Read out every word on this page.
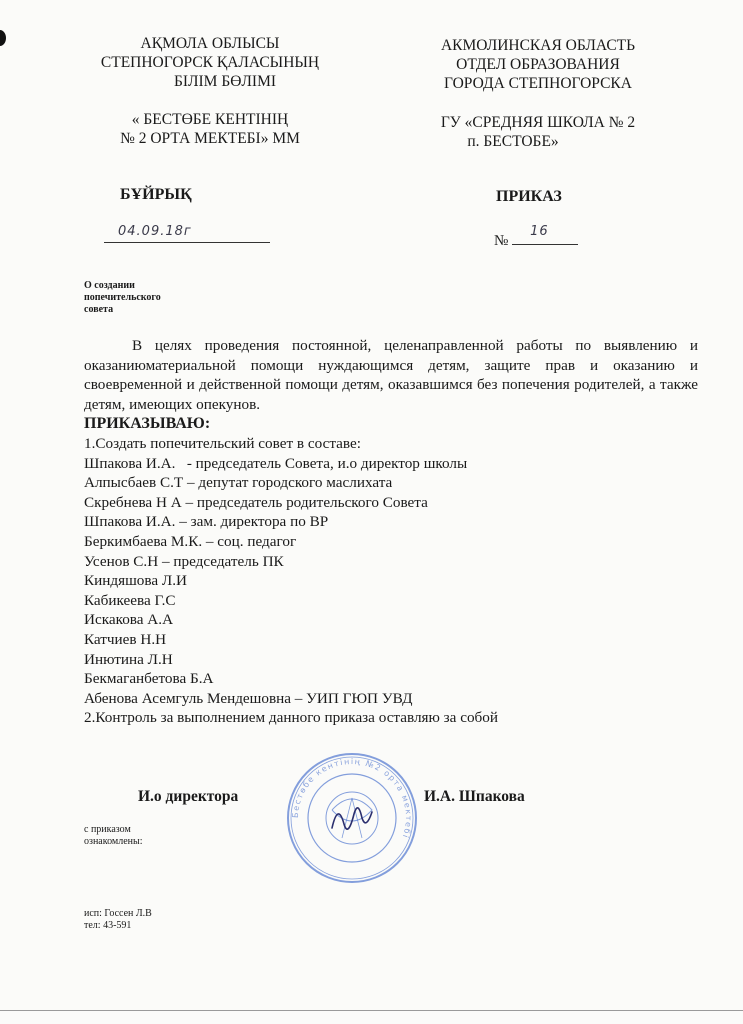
АҚМОЛА ОБЛЫСЫ
СТЕПНОГОРСК ҚАЛАСЫНЫҢ
БІЛІМ БӨЛІМІ
« БЕСТӨБЕ КЕНТІНІҢ
№ 2 ОРТА МЕКТЕБІ» ММ
АКМОЛИНСКАЯ ОБЛАСТЬ
ОТДЕЛ ОБРАЗОВАНИЯ
ГОРОДА СТЕПНОГОРСКА
ГУ «СРЕДНЯЯ ШКОЛА № 2
п. БЕСТОБЕ»
БҰЙРЫҚ	ПРИКАЗ
04.09.18г
№
16
О создании
попечительского
совета
В целях проведения постоянной, целенаправленной работы по выявлению и оказаниюматериальной помощи нуждающимся детям, защите прав и оказанию и своевременной и действенной помощи детям, оказавшимся без попечения родителей, а также детям, имеющих опекунов.
ПРИКАЗЫВАЮ:
1.Создать попечительский совет в составе:
Шпакова И.А.   - председатель Совета, и.о директор школы
Алпысбаев С.Т – депутат городского маслихата
Скребнева Н А – председатель родительского Совета
Шпакова И.А. – зам. директора по ВР
Беркимбаева М.К. – соц. педагог
Усенов С.Н – председатель ПК
Киндяшова Л.И
Кабикеева Г.С
Искакова А.А
Катчиев Н.Н
Инютина Л.Н
Бекмаганбетова Б.А
Абенова Асемгуль Мендешовна – УИП ГЮП УВД
2.Контроль за выполнением данного приказа оставляю за собой
Бестөбе кентінің №2 орта мектебі
И.о директора	И.А. Шпакова
с приказом
ознакомлены:
исп: Госсен Л.В
тел: 43-591
